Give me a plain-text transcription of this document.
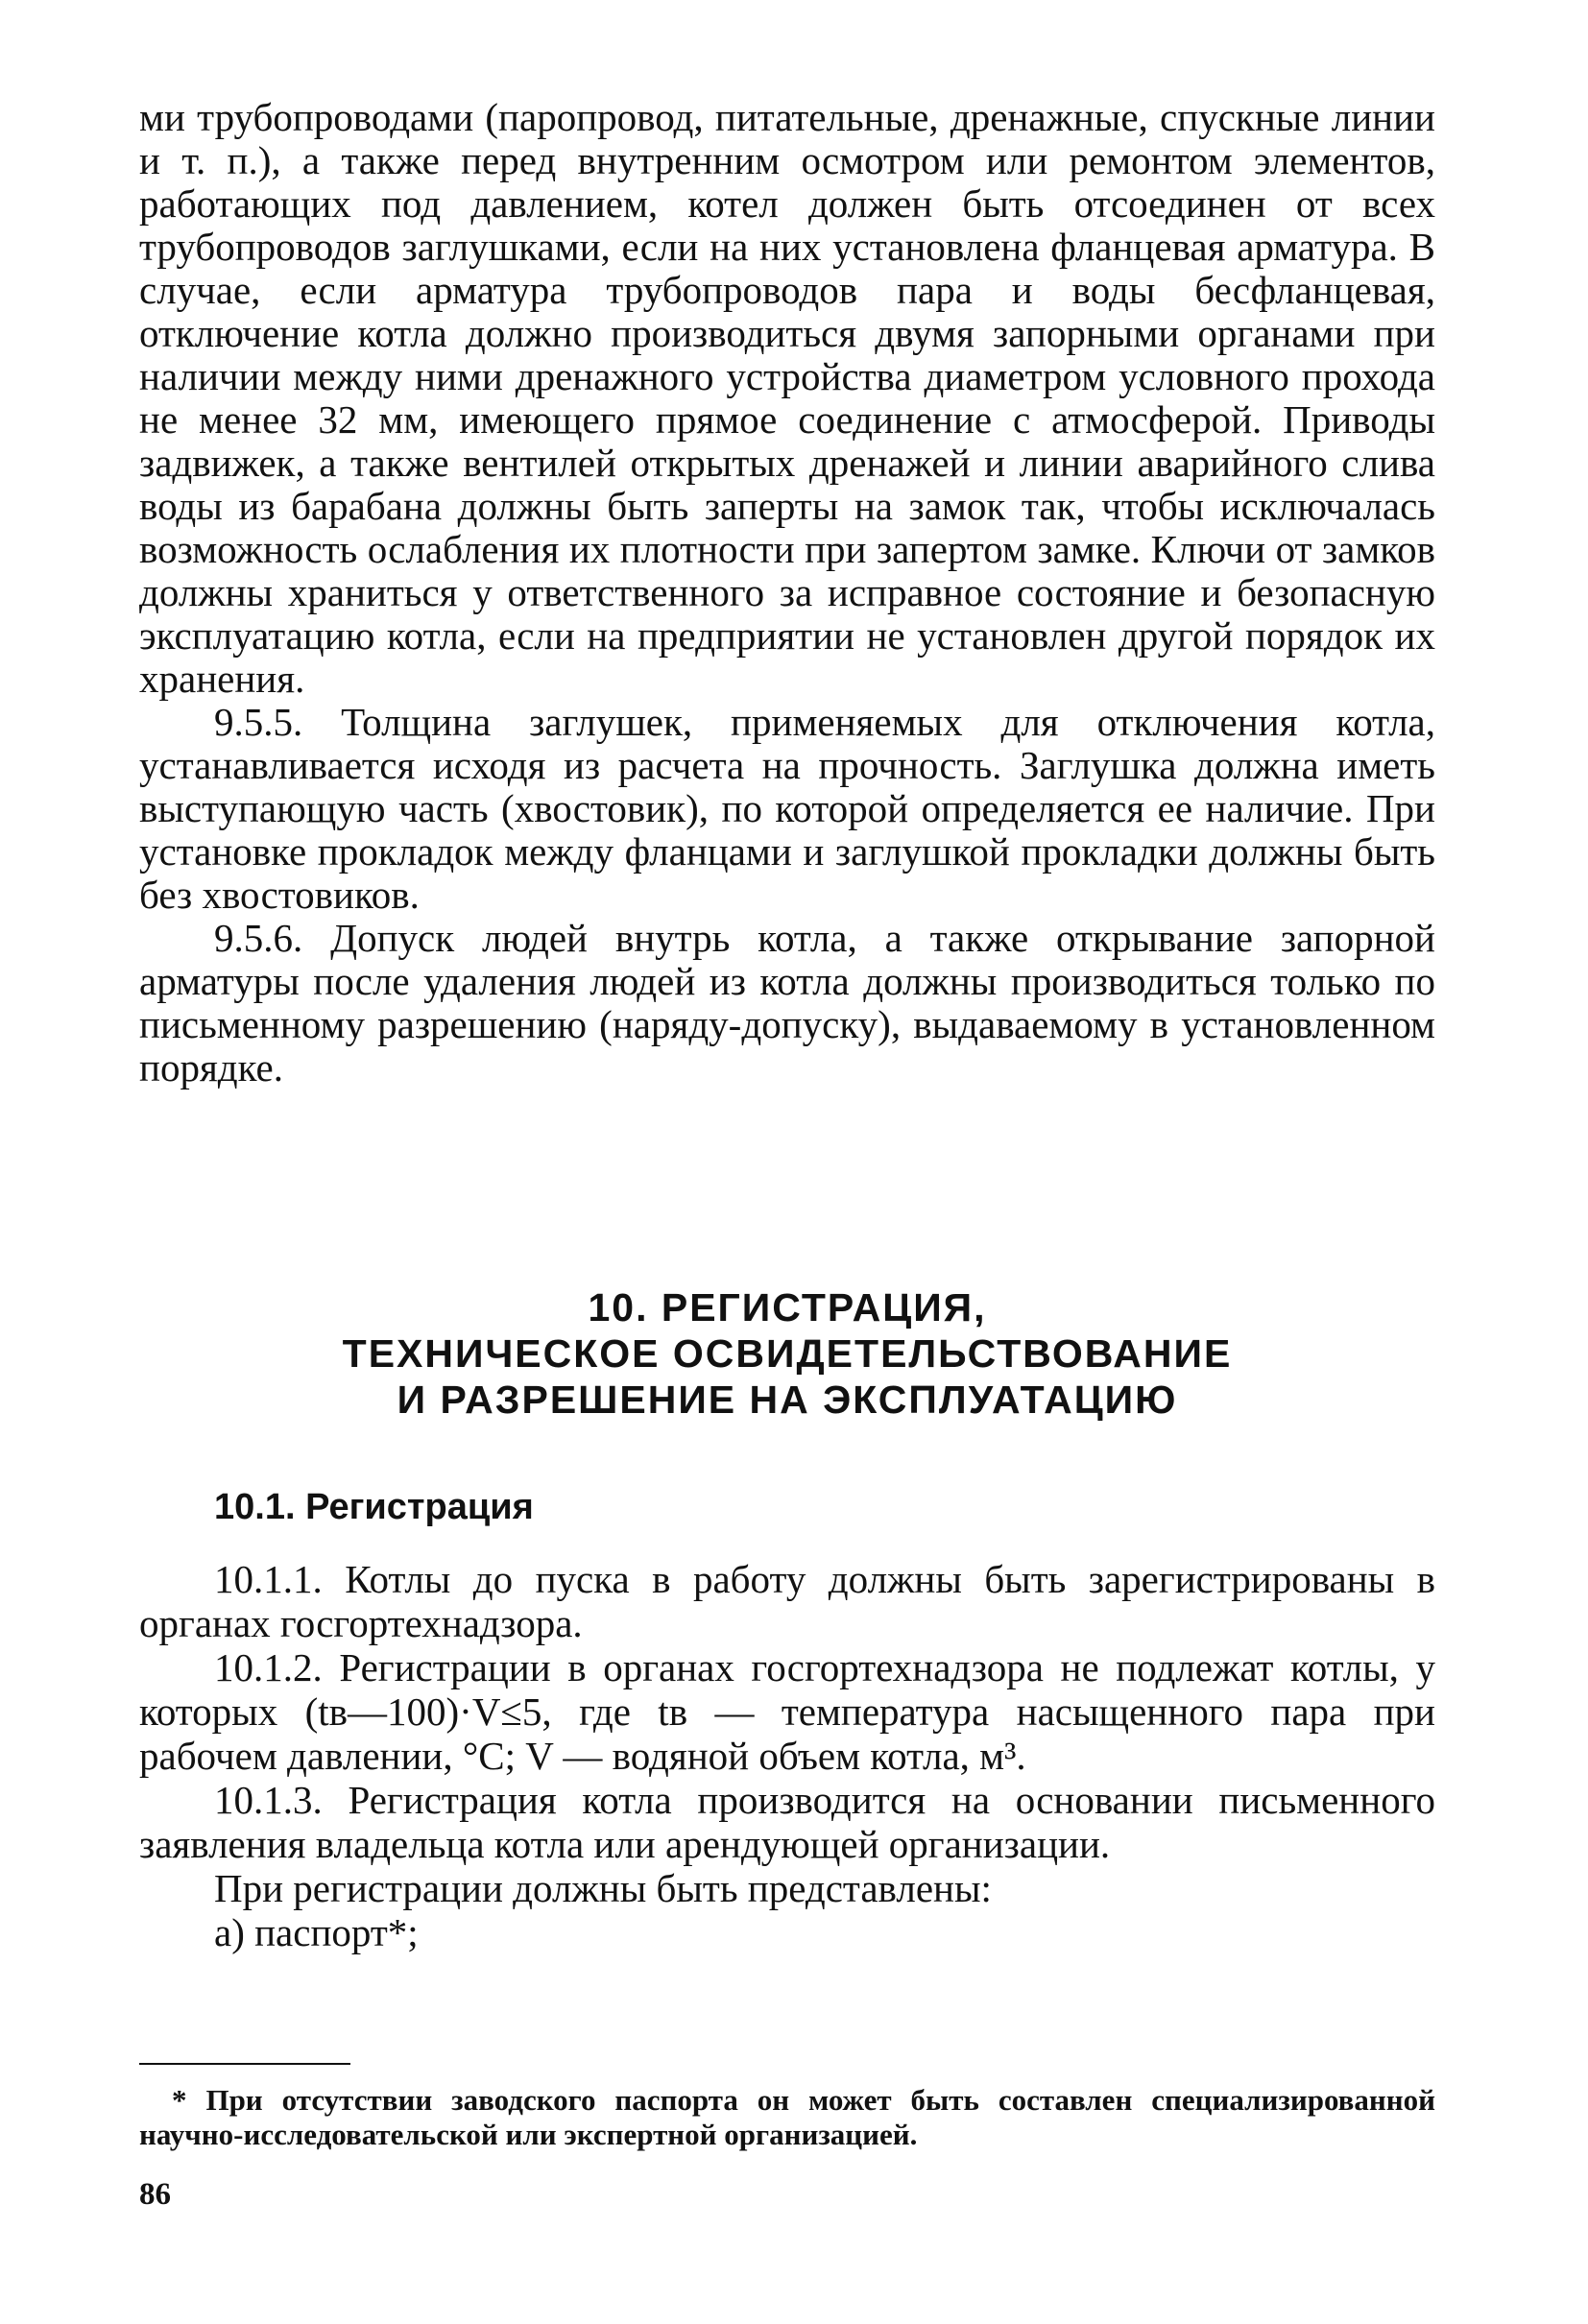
ми трубопроводами (паропровод, питательные, дренажные, спускные линии и т. п.), а также перед внутренним осмотром или ремонтом элементов, работающих под давлением, котел должен быть отсоединен от всех трубопроводов заглушками, если на них установлена фланцевая арматура. В случае, если арматура трубопроводов пара и воды бесфланцевая, отключение котла должно производиться двумя запорными органами при наличии между ними дренажного устройства диаметром условного прохода не менее 32 мм, имеющего прямое соединение с атмосферой. Приводы задвижек, а также вентилей открытых дренажей и линии аварийного слива воды из барабана должны быть заперты на замок так, чтобы исключалась возможность ослабления их плотности при запертом замке. Ключи от замков должны храниться у ответственного за исправное состояние и безопасную эксплуатацию котла, если на предприятии не установлен другой порядок их хранения.

9.5.5. Толщина заглушек, применяемых для отключения котла, устанавливается исходя из расчета на прочность. Заглушка должна иметь выступающую часть (хвостовик), по которой определяется ее наличие. При установке прокладок между фланцами и заглушкой прокладки должны быть без хвостовиков.

9.5.6. Допуск людей внутрь котла, а также открывание запорной арматуры после удаления людей из котла должны производиться только по письменному разрешению (наряду-допуску), выдаваемому в установленном порядке.

10. РЕГИСТРАЦИЯ,
ТЕХНИЧЕСКОЕ ОСВИДЕТЕЛЬСТВОВАНИЕ
И РАЗРЕШЕНИЕ НА ЭКСПЛУАТАЦИЮ
10.1. Регистрация

10.1.1. Котлы до пуска в работу должны быть зарегистрированы в органах госгортехнадзора.

10.1.2. Регистрации в органах госгортехнадзора не подлежат котлы, у которых (tв—100)·V≤5, где tв — температура насыщенного пара при рабочем давлении, °С; V — водяной объем котла, м³.

10.1.3. Регистрация котла производится на основании письменного заявления владельца котла или арендующей организации.

При регистрации должны быть представлены:

а) паспорт*;

* При отсутствии заводского паспорта он может быть составлен специализированной научно-исследовательской или экспертной организацией.
86
